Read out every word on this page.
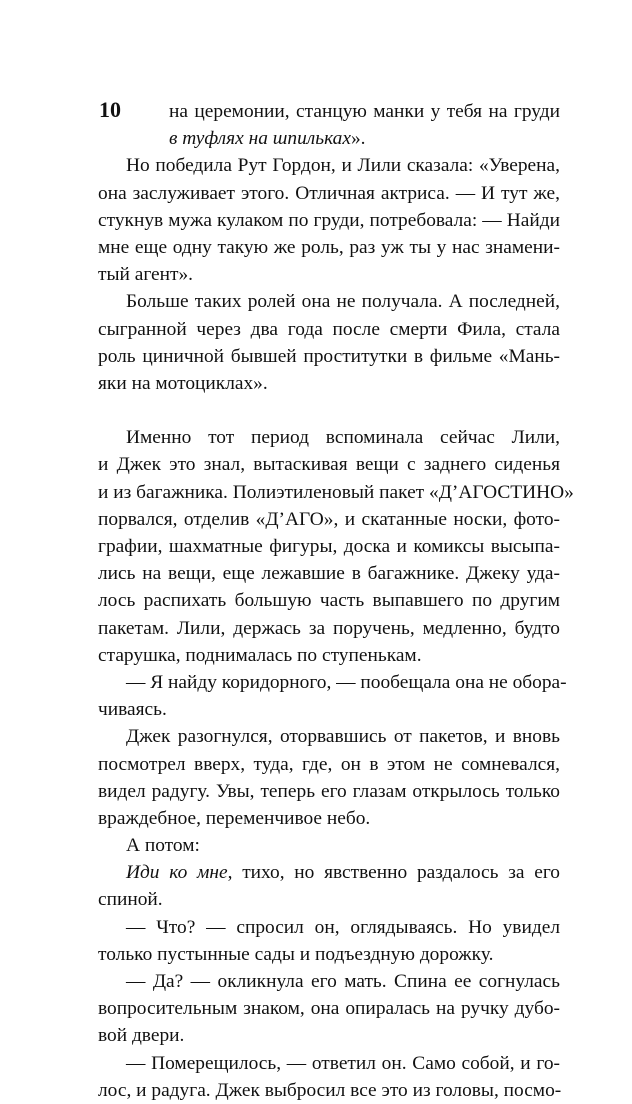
10	на церемонии, станцую манки у тебя на груди
в туфлях на шпильках».
Но победила Рут Гордон, и Лили сказала: «Уверена,
она заслуживает этого. Отличная актриса. — И тут же,
стукнув мужа кулаком по груди, потребовала: — Найди
мне еще одну такую же роль, раз уж ты у нас знамени-
тый агент».
Больше таких ролей она не получала. А последней,
сыгранной через два года после смерти Фила, стала
роль циничной бывшей проститутки в фильме «Мань-
яки на мотоциклах».
Именно тот период вспоминала сейчас Лили,
и Джек это знал, вытаскивая вещи с заднего сиденья
и из багажника. Полиэтиленовый пакет «Д’АГОСТИНО»
порвался, отделив «Д’АГО», и скатанные носки, фото-
графии, шахматные фигуры, доска и комиксы высыпа-
лись на вещи, еще лежавшие в багажнике. Джеку уда-
лось распихать большую часть выпавшего по другим
пакетам. Лили, держась за поручень, медленно, будто
старушка, поднималась по ступенькам.
— Я найду коридорного, — пообещала она не обора-
чиваясь.
Джек разогнулся, оторвавшись от пакетов, и вновь
посмотрел вверх, туда, где, он в этом не сомневался,
видел радугу. Увы, теперь его глазам открылось только
враждебное, переменчивое небо.
А потом:
Иди ко мне, тихо, но явственно раздалось за его
спиной.
— Что? — спросил он, оглядываясь. Но увидел
только пустынные сады и подъездную дорожку.
— Да? — окликнула его мать. Спина ее согнулась
вопросительным знаком, она опиралась на ручку дубо-
вой двери.
— Померещилось, — ответил он. Само собой, и го-
лос, и радуга. Джек выбросил все это из головы, посмо-
